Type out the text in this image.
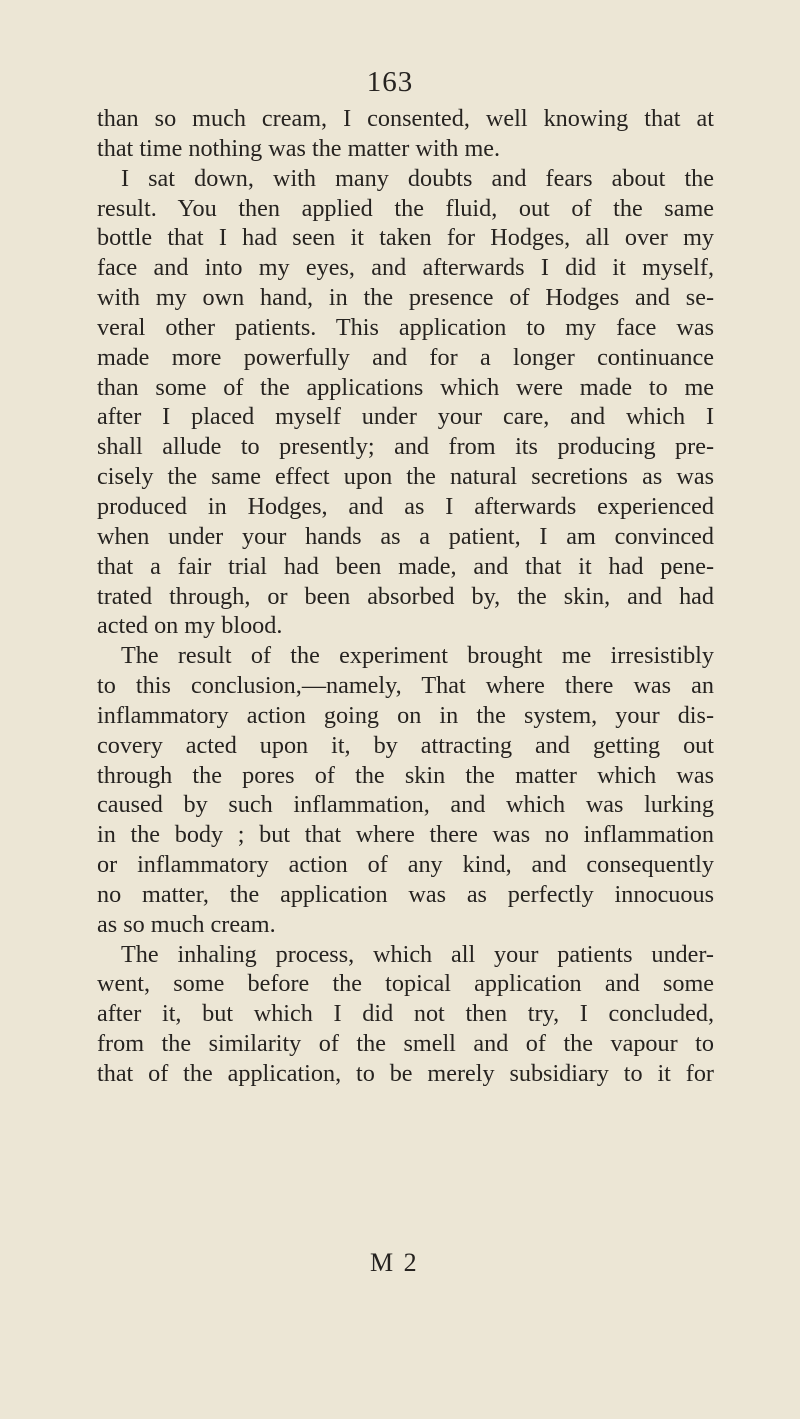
163
than so much cream, I consented, well knowing that at
that time nothing was the matter with me.
I sat down, with many doubts and fears about the
result. You then applied the fluid, out of the same
bottle that I had seen it taken for Hodges, all over my
face and into my eyes, and afterwards I did it myself,
with my own hand, in the presence of Hodges and se-
veral other patients. This application to my face was
made more powerfully and for a longer continuance
than some of the applications which were made to me
after I placed myself under your care, and which I
shall allude to presently; and from its producing pre-
cisely the same effect upon the natural secretions as was
produced in Hodges, and as I afterwards experienced
when under your hands as a patient, I am convinced
that a fair trial had been made, and that it had pene-
trated through, or been absorbed by, the skin, and had
acted on my blood.
The result of the experiment brought me irresistibly
to this conclusion,—namely, That where there was an
inflammatory action going on in the system, your dis-
covery acted upon it, by attracting and getting out
through the pores of the skin the matter which was
caused by such inflammation, and which was lurking
in the body ; but that where there was no inflammation
or inflammatory action of any kind, and consequently
no matter, the application was as perfectly innocuous
as so much cream.
The inhaling process, which all your patients under-
went, some before the topical application and some
after it, but which I did not then try, I concluded,
from the similarity of the smell and of the vapour to
that of the application, to be merely subsidiary to it for
M 2
